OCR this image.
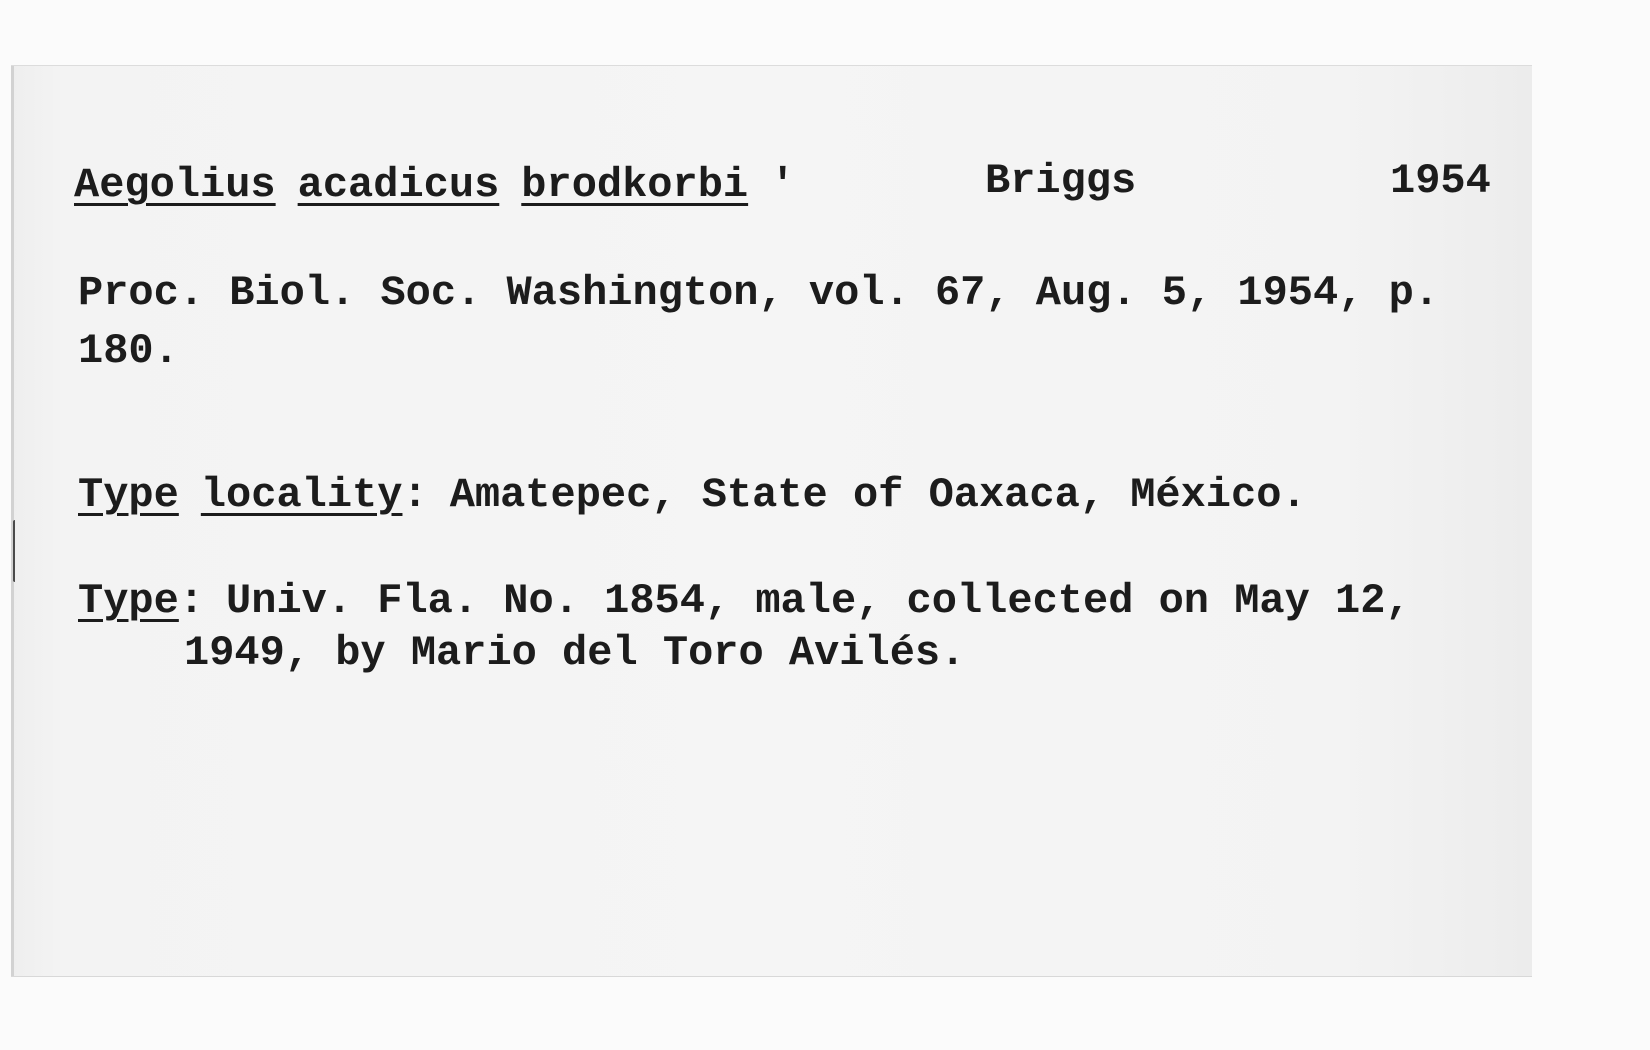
Aegolius acadicus brodkorbi '	Briggs	1954
Proc. Biol. Soc. Washington, vol. 67, Aug. 5, 1954, p.
180.
Type locality: Amatepec, State of Oaxaca, México.
Type: Univ. Fla. No. 1854, male, collected on May 12,
1949, by Mario del Toro Avilés.
